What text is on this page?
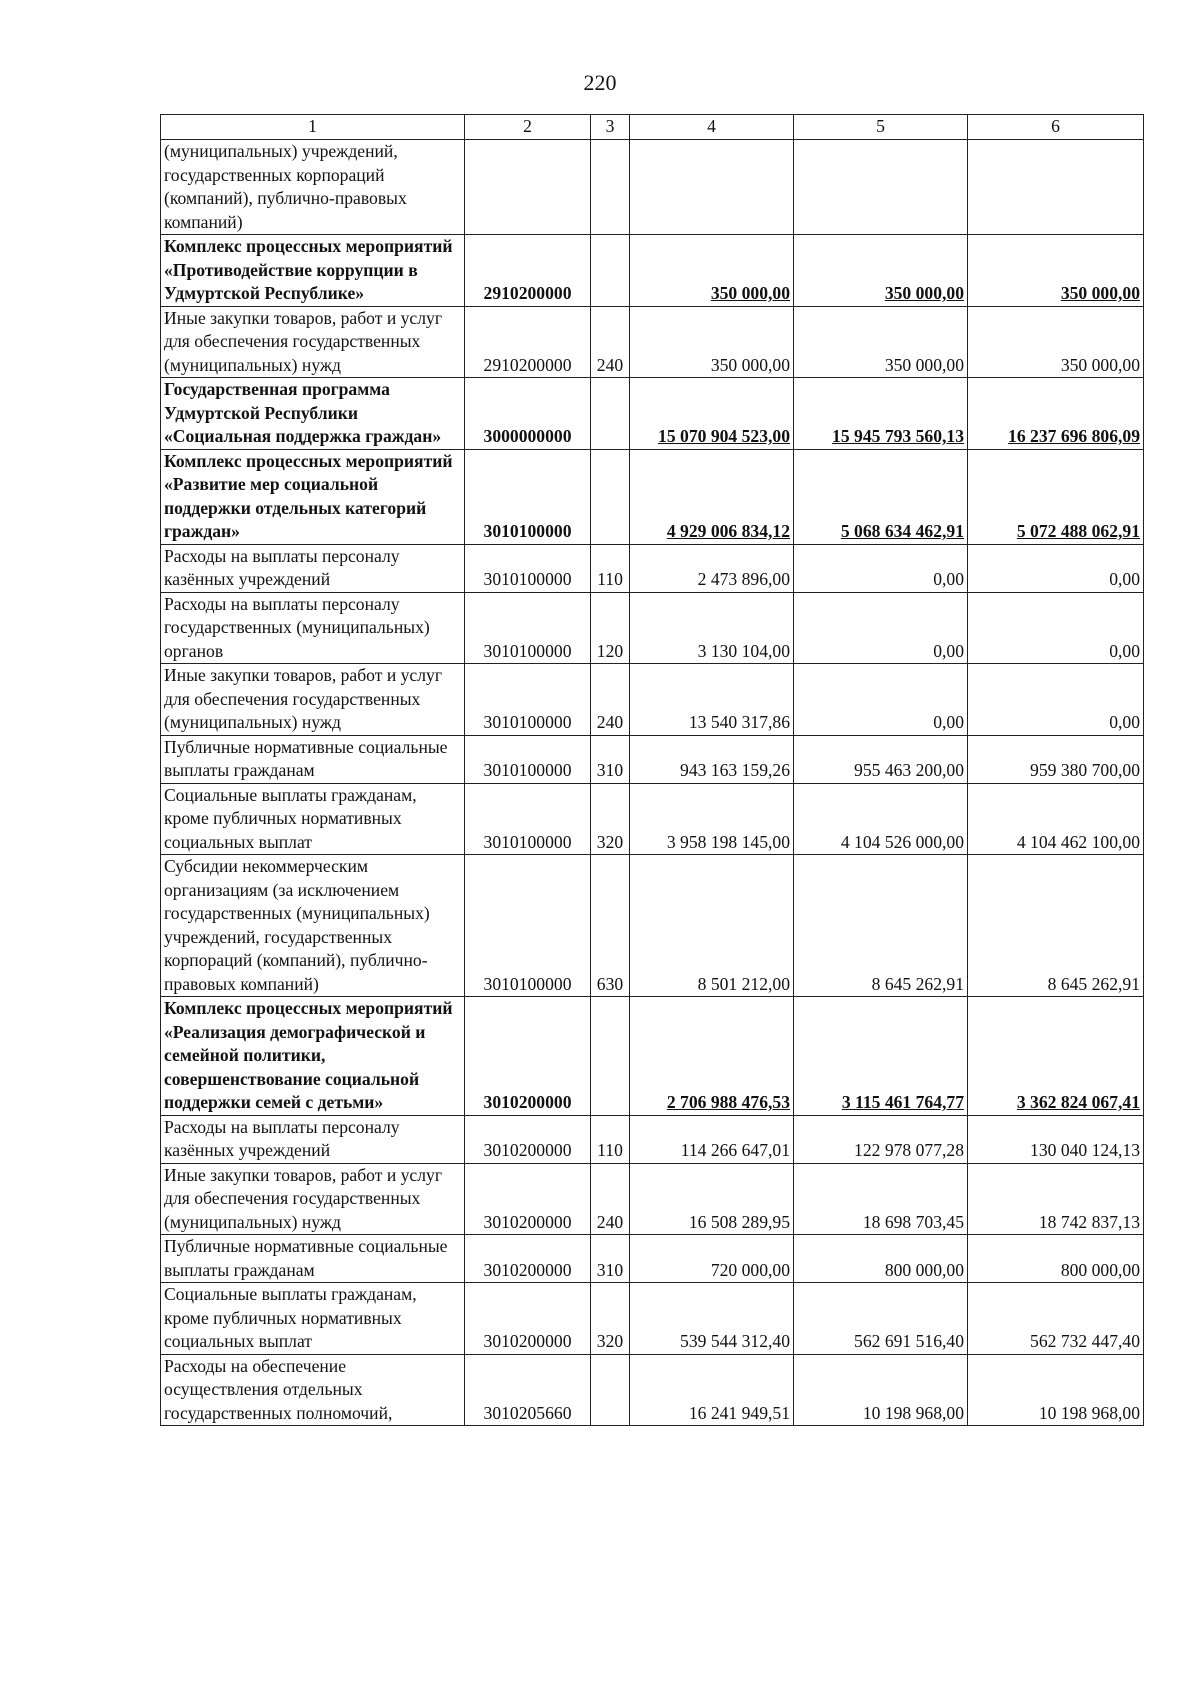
220
1	2	3	4	5	6
(муниципальных) учреждений, государственных корпораций (компаний), публично-правовых компаний)					
Комплекс процессных мероприятий «Противодействие коррупции в Удмуртской Республике»	2910200000		350 000,00	350 000,00	350 000,00
Иные закупки товаров, работ и услуг для обеспечения государственных (муниципальных) нужд	2910200000	240	350 000,00	350 000,00	350 000,00
Государственная программа Удмуртской Республики «Социальная поддержка граждан»	3000000000		15 070 904 523,00	15 945 793 560,13	16 237 696 806,09
Комплекс процессных мероприятий «Развитие мер социальной поддержки отдельных категорий граждан»	3010100000		4 929 006 834,12	5 068 634 462,91	5 072 488 062,91
Расходы на выплаты персоналу казённых учреждений	3010100000	110	2 473 896,00	0,00	0,00
Расходы на выплаты персоналу государственных (муниципальных) органов	3010100000	120	3 130 104,00	0,00	0,00
Иные закупки товаров, работ и услуг для обеспечения государственных (муниципальных) нужд	3010100000	240	13 540 317,86	0,00	0,00
Публичные нормативные социальные выплаты гражданам	3010100000	310	943 163 159,26	955 463 200,00	959 380 700,00
Социальные выплаты гражданам, кроме публичных нормативных социальных выплат	3010100000	320	3 958 198 145,00	4 104 526 000,00	4 104 462 100,00
Субсидии некоммерческим организациям (за исключением государственных (муниципальных) учреждений, государственных корпораций (компаний), публично-правовых компаний)	3010100000	630	8 501 212,00	8 645 262,91	8 645 262,91
Комплекс процессных мероприятий «Реализация демографической и семейной политики, совершенствование социальной поддержки семей с детьми»	3010200000		2 706 988 476,53	3 115 461 764,77	3 362 824 067,41
Расходы на выплаты персоналу казённых учреждений	3010200000	110	114 266 647,01	122 978 077,28	130 040 124,13
Иные закупки товаров, работ и услуг для обеспечения государственных (муниципальных) нужд	3010200000	240	16 508 289,95	18 698 703,45	18 742 837,13
Публичные нормативные социальные выплаты гражданам	3010200000	310	720 000,00	800 000,00	800 000,00
Социальные выплаты гражданам, кроме публичных нормативных социальных выплат	3010200000	320	539 544 312,40	562 691 516,40	562 732 447,40
Расходы на обеспечение осуществления отдельных государственных полномочий,	3010205660		16 241 949,51	10 198 968,00	10 198 968,00
